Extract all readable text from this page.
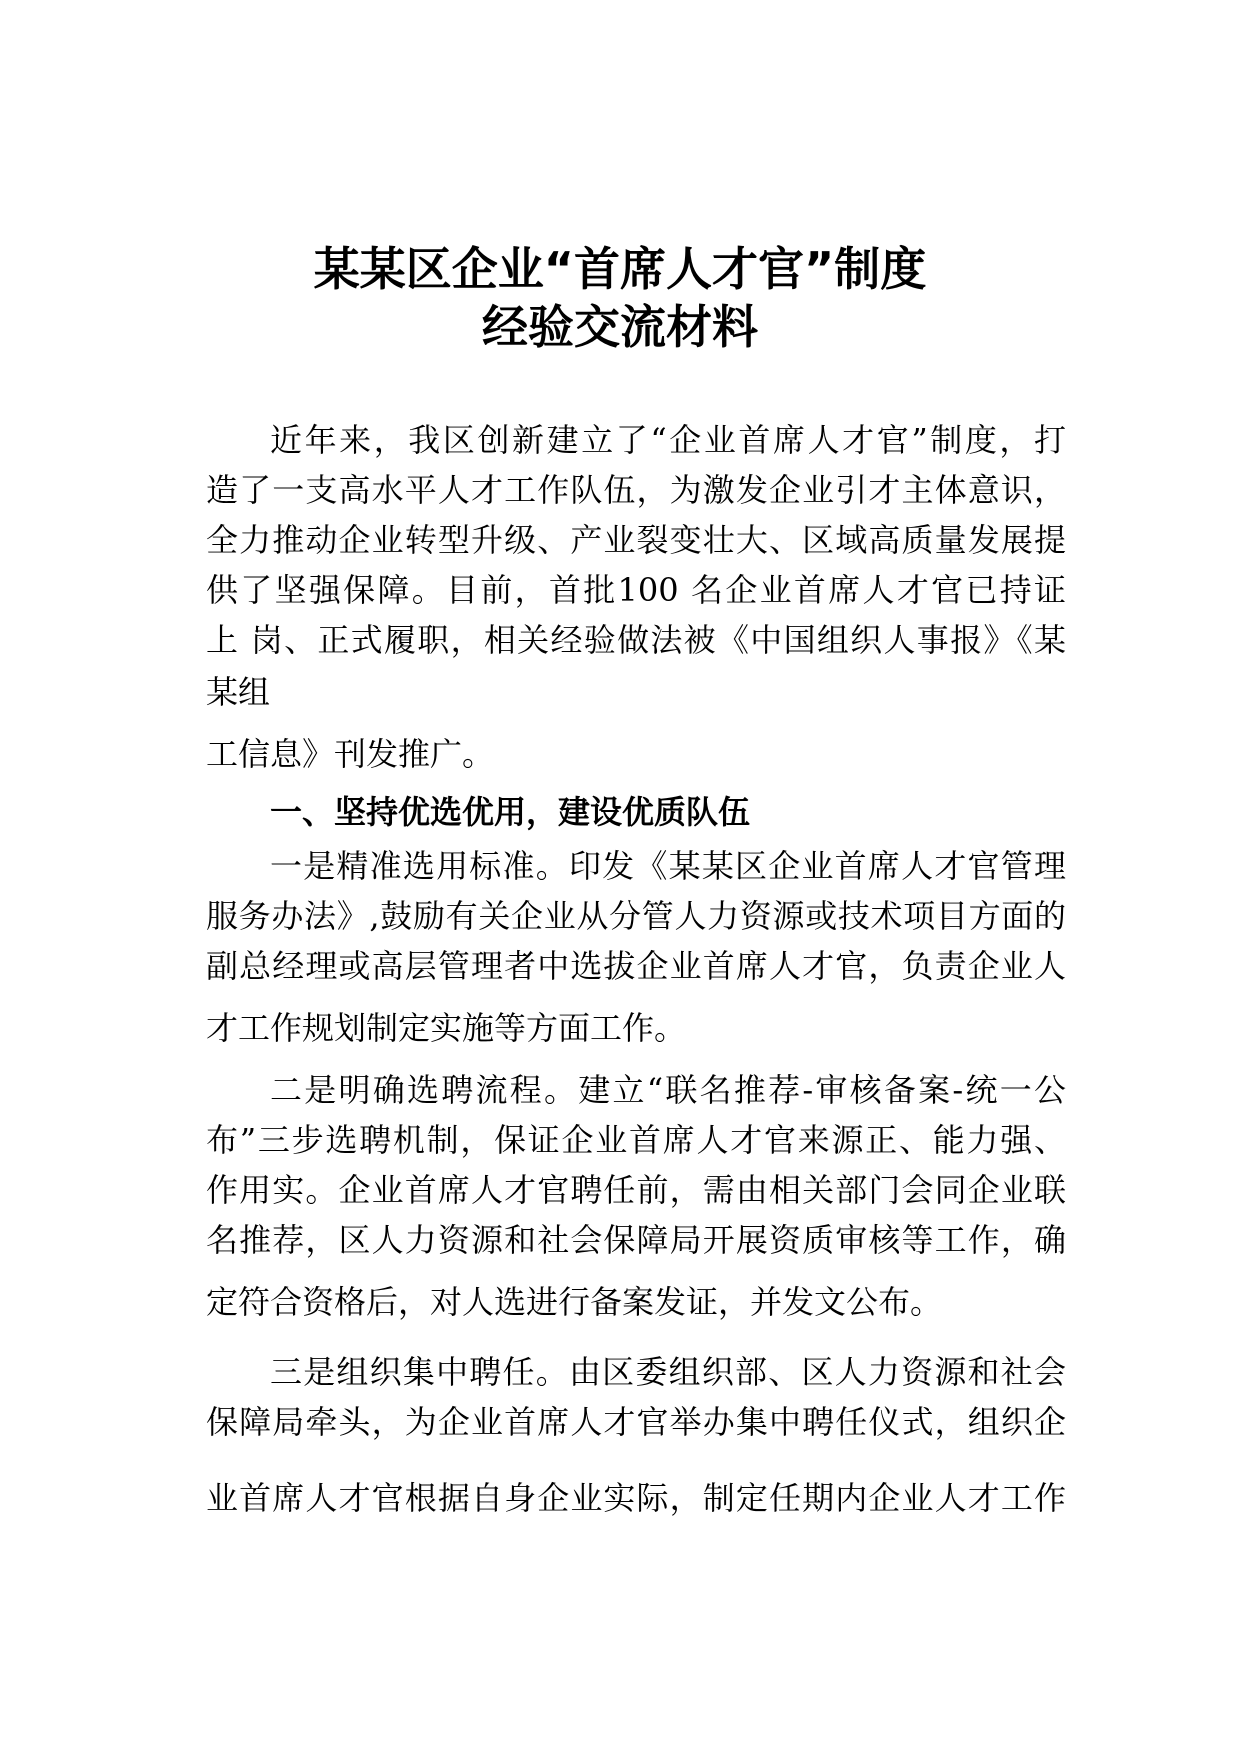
某某区企业“首席人才官”制度
经验交流材料
近年来，我区创新建立了“企业首席人才官”制度，打
造了一支高水平人才工作队伍，为激发企业引才主体意识，
全力推动企业转型升级、产业裂变壮大、区域高质量发展提
供了坚强保障。目前，首批100 名企业首席人才官已持证
上 岗、正式履职，相关经验做法被《中国组织人事报》《某
某组
工信息》刊发推广。
一、坚持优选优用，建设优质队伍
一是精准选用标准。印发《某某区企业首席人才官管理
服务办法》,鼓励有关企业从分管人力资源或技术项目方面的
副总经理或高层管理者中选拔企业首席人才官，负责企业人
才工作规划制定实施等方面工作。
二是明确选聘流程。建立“联名推荐-审核备案-统一公
布”三步选聘机制，保证企业首席人才官来源正、能力强、
作用实。企业首席人才官聘任前，需由相关部门会同企业联
名推荐，区人力资源和社会保障局开展资质审核等工作，确
定符合资格后，对人选进行备案发证，并发文公布。
三是组织集中聘任。由区委组织部、区人力资源和社会
保障局牵头，为企业首席人才官举办集中聘任仪式，组织企
业首席人才官根据自身企业实际，制定任期内企业人才工作
